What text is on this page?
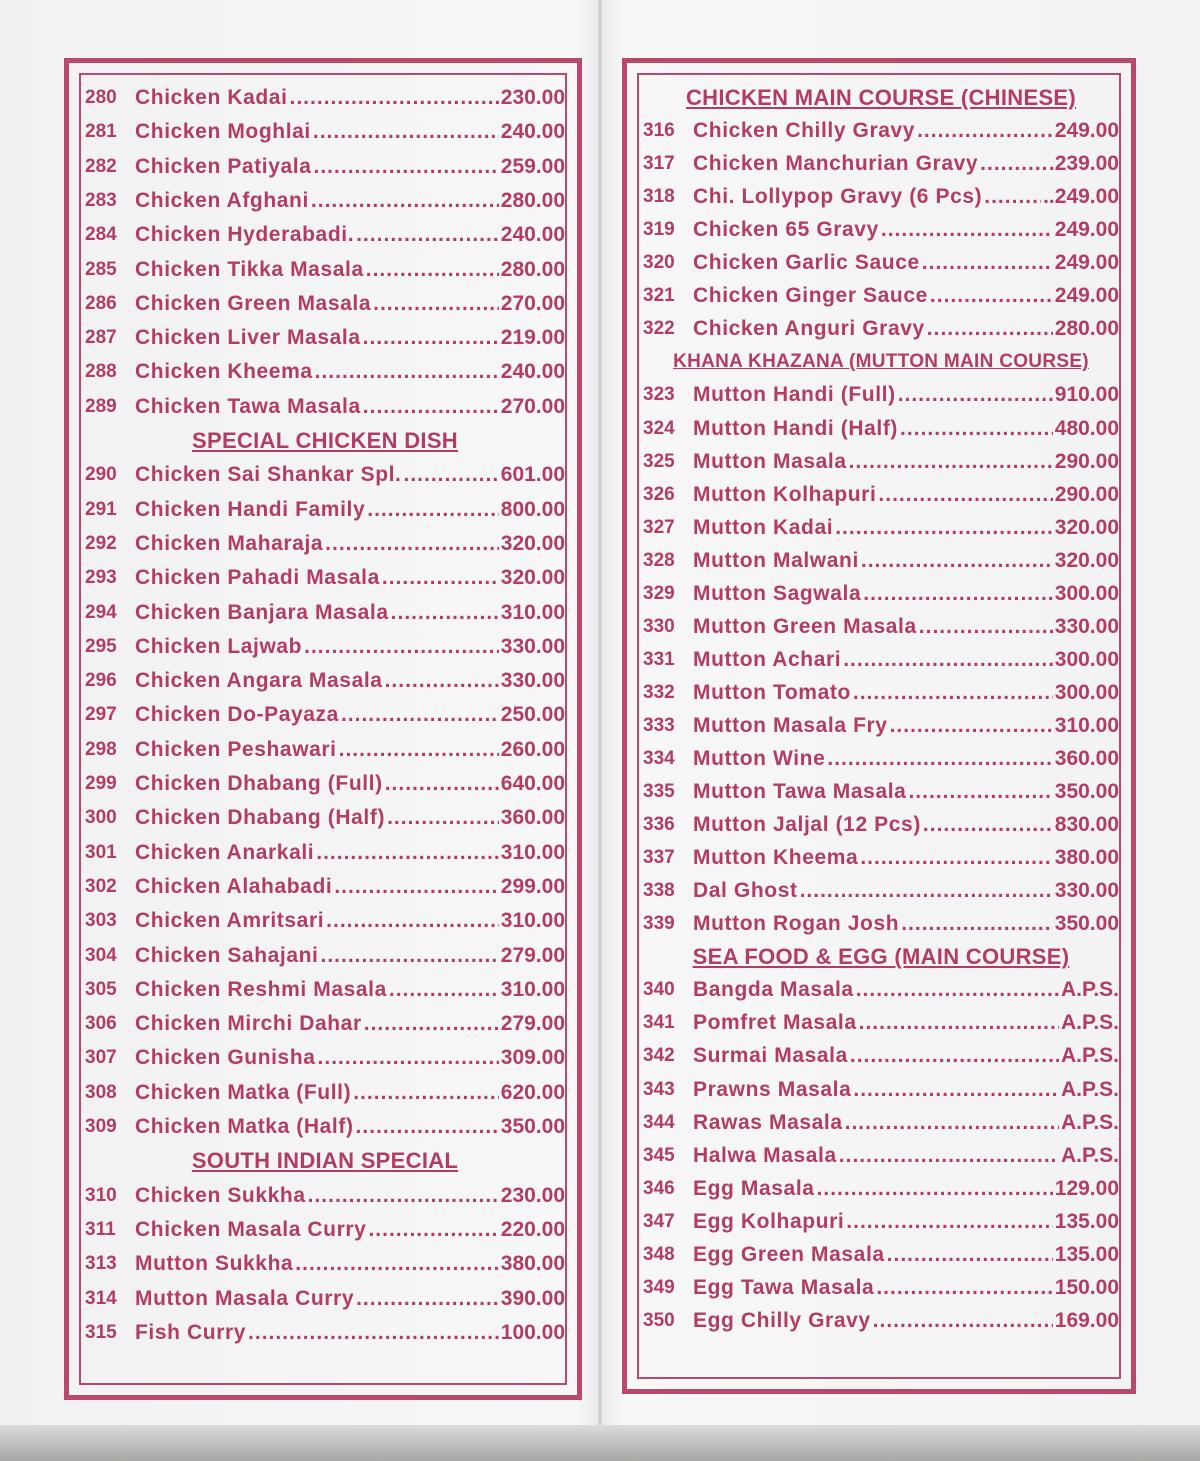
280 Chicken Kadai .....	230.00
281 Chicken Moghlai .....	240.00
282 Chicken Patiyala .....	259.00
283 Chicken Afghani .....	280.00
284 Chicken Hyderabadi. .....	240.00
285 Chicken Tikka Masala .....	280.00
286 Chicken Green Masala .....	270.00
287 Chicken Liver Masala .....	219.00
288 Chicken Kheema .....	240.00
289 Chicken Tawa Masala .....	270.00
SPECIAL CHICKEN DISH
290 Chicken Sai Shankar Spl. .....	601.00
291 Chicken Handi Family .....	800.00
292 Chicken Maharaja .....	320.00
293 Chicken Pahadi Masala .....	320.00
294 Chicken Banjara Masala .....	310.00
295 Chicken Lajwab .....	330.00
296 Chicken Angara Masala .....	330.00
297 Chicken Do-Payaza .....	250.00
298 Chicken Peshawari .....	260.00
299 Chicken Dhabang (Full) .....	640.00
300 Chicken Dhabang (Half) .....	360.00
301 Chicken Anarkali .....	310.00
302 Chicken Alahabadi .....	299.00
303 Chicken Amritsari .....	310.00
304 Chicken Sahajani .....	279.00
305 Chicken Reshmi Masala .....	310.00
306 Chicken Mirchi Dahar .....	279.00
307 Chicken Gunisha .....	309.00
308 Chicken Matka (Full) .....	620.00
309 Chicken Matka (Half) .....	350.00
SOUTH INDIAN SPECIAL
310 Chicken Sukkha .....	230.00
311 Chicken Masala Curry .....	220.00
313 Mutton Sukkha .....	380.00
314 Mutton Masala Curry .....	390.00
315 Fish Curry .....	100.00
CHICKEN MAIN COURSE (CHINESE)
316 Chicken Chilly Gravy .....	249.00
317 Chicken Manchurian Gravy .....	.239.00
318 Chi. Lollypop Gravy (6 Pcs) .....	..249.00
319 Chicken 65 Gravy .....	249.00
320 Chicken Garlic Sauce .....	249.00
321 Chicken Ginger Sauce .....	249.00
322 Chicken Anguri Gravy .....	280.00
KHANA KHAZANA (MUTTON MAIN COURSE)
323 Mutton Handi (Full) .....	910.00
324 Mutton Handi (Half) .....	480.00
325 Mutton Masala .....	290.00
326 Mutton Kolhapuri .....	290.00
327 Mutton Kadai .....	320.00
328 Mutton Malwani .....	320.00
329 Mutton Sagwala .....	300.00
330 Mutton Green Masala .....	330.00
331 Mutton Achari .....	300.00
332 Mutton Tomato .....	300.00
333 Mutton Masala Fry .....	310.00
334 Mutton Wine .....	360.00
335 Mutton Tawa Masala .....	350.00
336 Mutton Jaljal (12 Pcs) .....	830.00
337 Mutton Kheema .....	380.00
338 Dal Ghost .....	330.00
339 Mutton Rogan Josh .....	350.00
SEA FOOD & EGG (MAIN COURSE)
340 Bangda Masala .....	A.P.S.
341 Pomfret Masala .....	A.P.S.
342 Surmai Masala .....	A.P.S.
343 Prawns Masala .....	A.P.S.
344 Rawas Masala .....	A.P.S.
345 Halwa Masala .....	A.P.S.
346 Egg Masala .....	129.00
347 Egg Kolhapuri .....	135.00
348 Egg Green Masala .....	135.00
349 Egg Tawa Masala .....	150.00
350 Egg Chilly Gravy .....	169.00
